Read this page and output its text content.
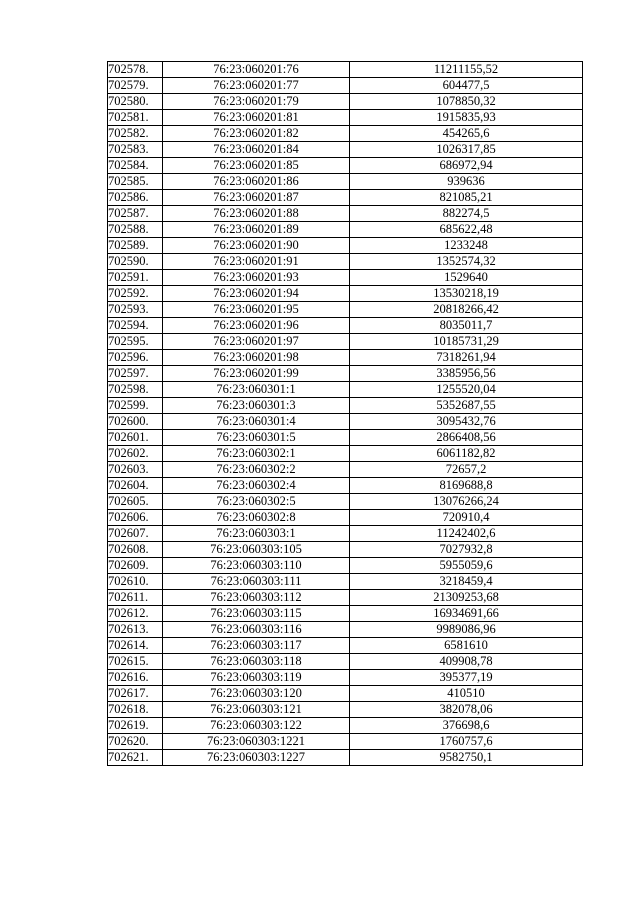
702578.	76:23:060201:76	11211155,52
702579.	76:23:060201:77	604477,5
702580.	76:23:060201:79	1078850,32
702581.	76:23:060201:81	1915835,93
702582.	76:23:060201:82	454265,6
702583.	76:23:060201:84	1026317,85
702584.	76:23:060201:85	686972,94
702585.	76:23:060201:86	939636
702586.	76:23:060201:87	821085,21
702587.	76:23:060201:88	882274,5
702588.	76:23:060201:89	685622,48
702589.	76:23:060201:90	1233248
702590.	76:23:060201:91	1352574,32
702591.	76:23:060201:93	1529640
702592.	76:23:060201:94	13530218,19
702593.	76:23:060201:95	20818266,42
702594.	76:23:060201:96	8035011,7
702595.	76:23:060201:97	10185731,29
702596.	76:23:060201:98	7318261,94
702597.	76:23:060201:99	3385956,56
702598.	76:23:060301:1	1255520,04
702599.	76:23:060301:3	5352687,55
702600.	76:23:060301:4	3095432,76
702601.	76:23:060301:5	2866408,56
702602.	76:23:060302:1	6061182,82
702603.	76:23:060302:2	72657,2
702604.	76:23:060302:4	8169688,8
702605.	76:23:060302:5	13076266,24
702606.	76:23:060302:8	720910,4
702607.	76:23:060303:1	11242402,6
702608.	76:23:060303:105	7027932,8
702609.	76:23:060303:110	5955059,6
702610.	76:23:060303:111	3218459,4
702611.	76:23:060303:112	21309253,68
702612.	76:23:060303:115	16934691,66
702613.	76:23:060303:116	9989086,96
702614.	76:23:060303:117	6581610
702615.	76:23:060303:118	409908,78
702616.	76:23:060303:119	395377,19
702617.	76:23:060303:120	410510
702618.	76:23:060303:121	382078,06
702619.	76:23:060303:122	376698,6
702620.	76:23:060303:1221	1760757,6
702621.	76:23:060303:1227	9582750,1
